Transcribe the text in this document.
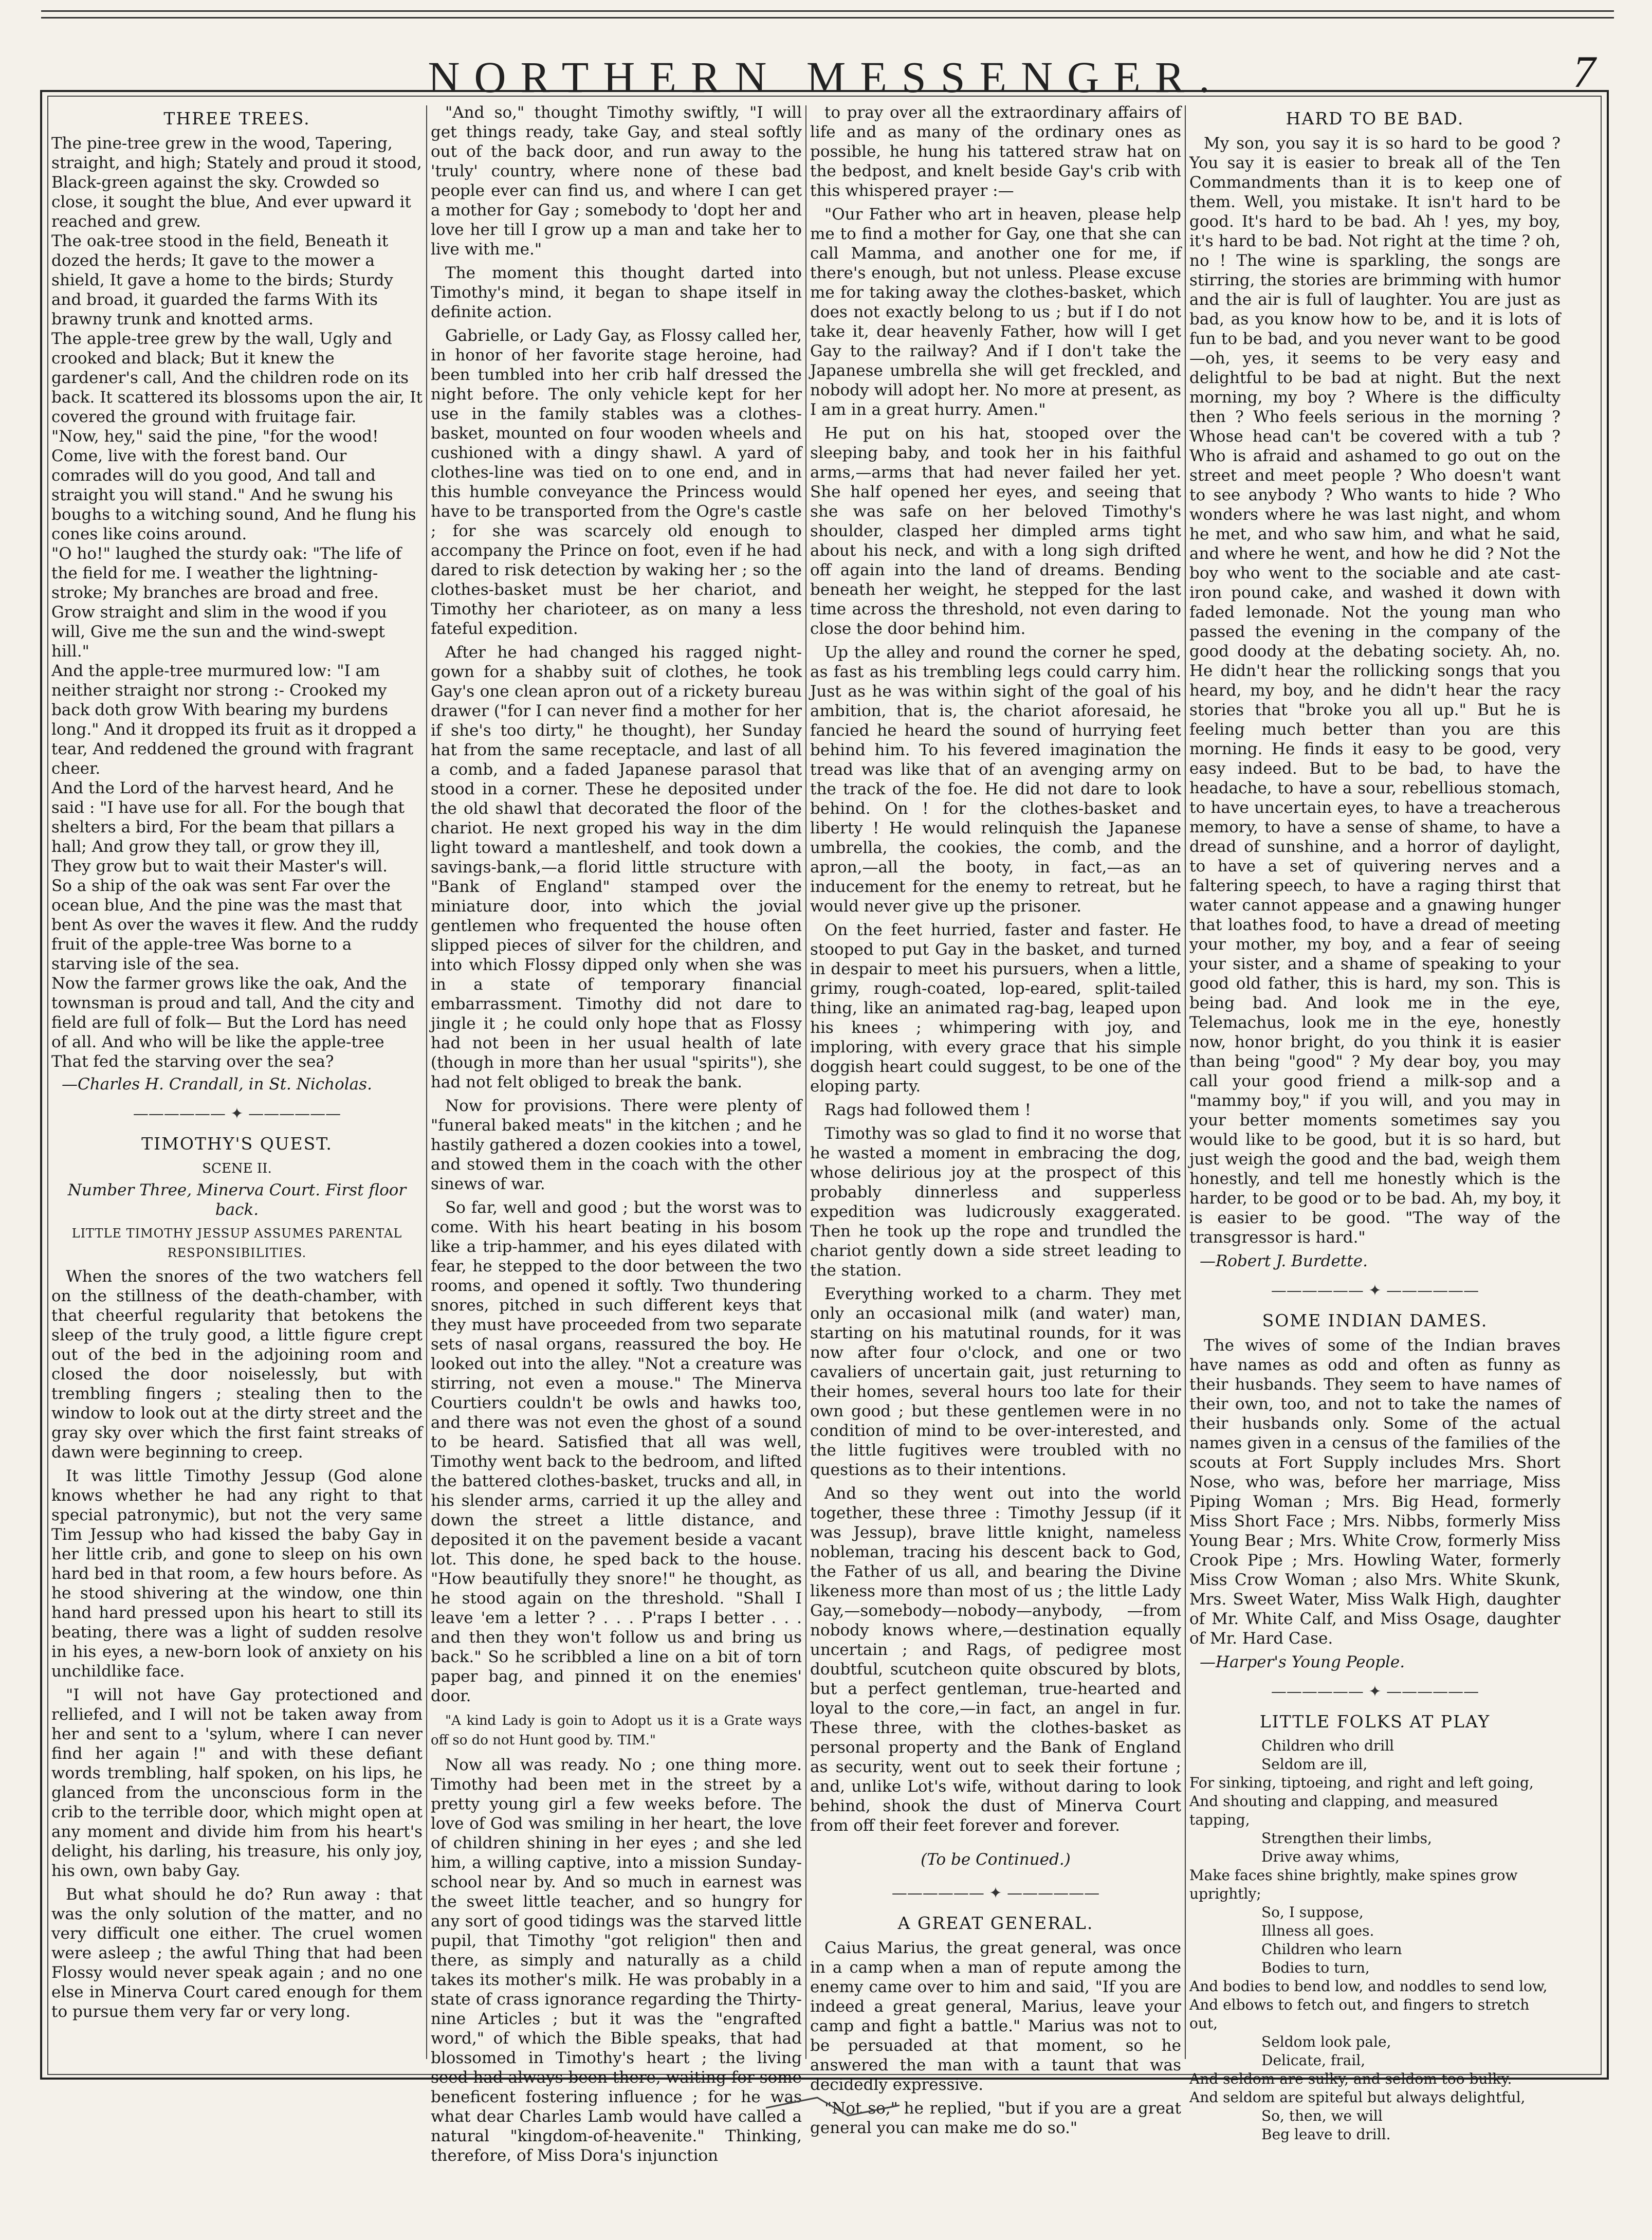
NORTHERN MESSENGER.	7
THREE TREES.

The pine-tree grew in the wood, Tapering, straight, and high; Stately and proud it stood, Black-green against the sky. Crowded so close, it sought the blue, And ever upward it reached and grew.

The oak-tree stood in the field, Beneath it dozed the herds; It gave to the mower a shield, It gave a home to the birds; Sturdy and broad, it guarded the farms With its brawny trunk and knotted arms.

The apple-tree grew by the wall, Ugly and crooked and black; But it knew the gardener's call, And the children rode on its back. It scattered its blossoms upon the air, It covered the ground with fruitage fair.

"Now, hey," said the pine, "for the wood! Come, live with the forest band. Our comrades will do you good, And tall and straight you will stand." And he swung his boughs to a witching sound, And he flung his cones like coins around.

"O ho!" laughed the sturdy oak: "The life of the field for me. I weather the lightning-stroke; My branches are broad and free. Grow straight and slim in the wood if you will, Give me the sun and the wind-swept hill."

And the apple-tree murmured low: "I am neither straight nor strong :- Crooked my back doth grow With bearing my burdens long." And it dropped its fruit as it dropped a tear, And reddened the ground with fragrant cheer.

And the Lord of the harvest heard, And he said : "I have use for all. For the bough that shelters a bird, For the beam that pillars a hall; And grow they tall, or grow they ill, They grow but to wait their Master's will.

So a ship of the oak was sent Far over the ocean blue, And the pine was the mast that bent As over the waves it flew. And the ruddy fruit of the apple-tree Was borne to a starving isle of the sea.

Now the farmer grows like the oak, And the townsman is proud and tall, And the city and field are full of folk— But the Lord has need of all. And who will be like the apple-tree That fed the starving over the sea?

—Charles H. Crandall, in St. Nicholas.
—————— ✦ ——————
TIMOTHY'S QUEST.
SCENE II.
Number Three, Minerva Court. First floor back.
LITTLE TIMOTHY JESSUP ASSUMES PARENTAL RESPONSIBILITIES.

When the snores of the two watchers fell on the stillness of the death-chamber, with that cheerful regularity that betokens the sleep of the truly good, a little figure crept out of the bed in the adjoining room and closed the door noiselessly, but with trembling fingers ; stealing then to the window to look out at the dirty street and the gray sky over which the first faint streaks of dawn were beginning to creep.

It was little Timothy Jessup (God alone knows whether he had any right to that special patronymic), but not the very same Tim Jessup who had kissed the baby Gay in her little crib, and gone to sleep on his own hard bed in that room, a few hours before. As he stood shivering at the window, one thin hand hard pressed upon his heart to still its beating, there was a light of sudden resolve in his eyes, a new-born look of anxiety on his unchildlike face.

"I will not have Gay protectioned and relliefed, and I will not be taken away from her and sent to a 'sylum, where I can never find her again !" and with these defiant words trembling, half spoken, on his lips, he glanced from the unconscious form in the crib to the terrible door, which might open at any moment and divide him from his heart's delight, his darling, his treasure, his only joy, his own, own baby Gay.

But what should he do? Run away : that was the only solution of the matter, and no very difficult one either. The cruel women were asleep ; the awful Thing that had been Flossy would never speak again ; and no one else in Minerva Court cared enough for them to pursue them very far or very long.

"And so," thought Timothy swiftly, "I will get things ready, take Gay, and steal softly out of the back door, and run away to the 'truly' country, where none of these bad people ever can find us, and where I can get a mother for Gay ; somebody to 'dopt her and love her till I grow up a man and take her to live with me."

The moment this thought darted into Timothy's mind, it began to shape itself in definite action.

Gabrielle, or Lady Gay, as Flossy called her, in honor of her favorite stage heroine, had been tumbled into her crib half dressed the night before. The only vehicle kept for her use in the family stables was a clothes-basket, mounted on four wooden wheels and cushioned with a dingy shawl. A yard of clothes-line was tied on to one end, and in this humble conveyance the Princess would have to be transported from the Ogre's castle ; for she was scarcely old enough to accompany the Prince on foot, even if he had dared to risk detection by waking her ; so the clothes-basket must be her chariot, and Timothy her charioteer, as on many a less fateful expedition.

After he had changed his ragged night-gown for a shabby suit of clothes, he took Gay's one clean apron out of a rickety bureau drawer ("for I can never find a mother for her if she's too dirty," he thought), her Sunday hat from the same receptacle, and last of all a comb, and a faded Japanese parasol that stood in a corner. These he deposited under the old shawl that decorated the floor of the chariot. He next groped his way in the dim light toward a mantleshelf, and took down a savings-bank,—a florid little structure with "Bank of England" stamped over the miniature door, into which the jovial gentlemen who frequented the house often slipped pieces of silver for the children, and into which Flossy dipped only when she was in a state of temporary financial embarrassment. Timothy did not dare to jingle it ; he could only hope that as Flossy had not been in her usual health of late (though in more than her usual "spirits"), she had not felt obliged to break the bank.

Now for provisions. There were plenty of "funeral baked meats" in the kitchen ; and he hastily gathered a dozen cookies into a towel, and stowed them in the coach with the other sinews of war.

So far, well and good ; but the worst was to come. With his heart beating in his bosom like a trip-hammer, and his eyes dilated with fear, he stepped to the door between the two rooms, and opened it softly. Two thundering snores, pitched in such different keys that they must have proceeded from two separate sets of nasal organs, reassured the boy. He looked out into the alley. "Not a creature was stirring, not even a mouse." The Minerva Courtiers couldn't be owls and hawks too, and there was not even the ghost of a sound to be heard. Satisfied that all was well, Timothy went back to the bedroom, and lifted the battered clothes-basket, trucks and all, in his slender arms, carried it up the alley and down the street a little distance, and deposited it on the pavement beside a vacant lot. This done, he sped back to the house. "How beautifully they snore!" he thought, as he stood again on the threshold. "Shall I leave 'em a letter ? . . . P'raps I better . . . and then they won't follow us and bring us back." So he scribbled a line on a bit of torn paper bag, and pinned it on the enemies' door.

"A kind Lady is goin to Adopt us it is a Grate ways off so do not Hunt good by. TIM."

Now all was ready. No ; one thing more. Timothy had been met in the street by a pretty young girl a few weeks before. The love of God was smiling in her heart, the love of children shining in her eyes ; and she led him, a willing captive, into a mission Sunday-school near by. And so much in earnest was the sweet little teacher, and so hungry for any sort of good tidings was the starved little pupil, that Timothy "got religion" then and there, as simply and naturally as a child takes its mother's milk. He was probably in a state of crass ignorance regarding the Thirty-nine Articles ; but it was the "engrafted word," of which the Bible speaks, that had blossomed in Timothy's heart ; the living seed had always been there, waiting for some beneficent fostering influence ; for he was what dear Charles Lamb would have called a natural "kingdom-of-heavenite." Thinking, therefore, of Miss Dora's injunction

to pray over all the extraordinary affairs of life and as many of the ordinary ones as possible, he hung his tattered straw hat on the bedpost, and knelt beside Gay's crib with this whispered prayer :—

"Our Father who art in heaven, please help me to find a mother for Gay, one that she can call Mamma, and another one for me, if there's enough, but not unless. Please excuse me for taking away the clothes-basket, which does not exactly belong to us ; but if I do not take it, dear heavenly Father, how will I get Gay to the railway? And if I don't take the Japanese umbrella she will get freckled, and nobody will adopt her. No more at present, as I am in a great hurry. Amen."

He put on his hat, stooped over the sleeping baby, and took her in his faithful arms,—arms that had never failed her yet. She half opened her eyes, and seeing that she was safe on her beloved Timothy's shoulder, clasped her dimpled arms tight about his neck, and with a long sigh drifted off again into the land of dreams. Bending beneath her weight, he stepped for the last time across the threshold, not even daring to close the door behind him.

Up the alley and round the corner he sped, as fast as his trembling legs could carry him. Just as he was within sight of the goal of his ambition, that is, the chariot aforesaid, he fancied he heard the sound of hurrying feet behind him. To his fevered imagination the tread was like that of an avenging army on the track of the foe. He did not dare to look behind. On ! for the clothes-basket and liberty ! He would relinquish the Japanese umbrella, the cookies, the comb, and the apron,—all the booty, in fact,—as an inducement for the enemy to retreat, but he would never give up the prisoner.

On the feet hurried, faster and faster. He stooped to put Gay in the basket, and turned in despair to meet his pursuers, when a little, grimy, rough-coated, lop-eared, split-tailed thing, like an animated rag-bag, leaped upon his knees ; whimpering with joy, and imploring, with every grace that his simple doggish heart could suggest, to be one of the eloping party.

Rags had followed them !

Timothy was so glad to find it no worse that he wasted a moment in embracing the dog, whose delirious joy at the prospect of this probably dinnerless and supperless expedition was ludicrously exaggerated. Then he took up the rope and trundled the chariot gently down a side street leading to the station.

Everything worked to a charm. They met only an occasional milk (and water) man, starting on his matutinal rounds, for it was now after four o'clock, and one or two cavaliers of uncertain gait, just returning to their homes, several hours too late for their own good ; but these gentlemen were in no condition of mind to be over-interested, and the little fugitives were troubled with no questions as to their intentions.

And so they went out into the world together, these three : Timothy Jessup (if it was Jessup), brave little knight, nameless nobleman, tracing his descent back to God, the Father of us all, and bearing the Divine likeness more than most of us ; the little Lady Gay,—somebody—nobody—anybody, —from nobody knows where,—destination equally uncertain ; and Rags, of pedigree most doubtful, scutcheon quite obscured by blots, but a perfect gentleman, true-hearted and loyal to the core,—in fact, an angel in fur. These three, with the clothes-basket as personal property and the Bank of England as security, went out to seek their fortune ; and, unlike Lot's wife, without daring to look behind, shook the dust of Minerva Court from off their feet forever and forever.

(To be Continued.)
—————— ✦ ——————
A GREAT GENERAL.

Caius Marius, the great general, was once in a camp when a man of repute among the enemy came over to him and said, "If you are indeed a great general, Marius, leave your camp and fight a battle." Marius was not to be persuaded at that moment, so he answered the man with a taunt that was decidedly expressive.

"Not so," he replied, "but if you are a great general you can make me do so."

HARD TO BE BAD.

My son, you say it is so hard to be good ? You say it is easier to break all of the Ten Commandments than it is to keep one of them. Well, you mistake. It isn't hard to be good. It's hard to be bad. Ah ! yes, my boy, it's hard to be bad. Not right at the time ? oh, no ! The wine is sparkling, the songs are stirring, the stories are brimming with humor and the air is full of laughter. You are just as bad, as you know how to be, and it is lots of fun to be bad, and you never want to be good—oh, yes, it seems to be very easy and delightful to be bad at night. But the next morning, my boy ? Where is the difficulty then ? Who feels serious in the morning ? Whose head can't be covered with a tub ? Who is afraid and ashamed to go out on the street and meet people ? Who doesn't want to see anybody ? Who wants to hide ? Who wonders where he was last night, and whom he met, and who saw him, and what he said, and where he went, and how he did ? Not the boy who went to the sociable and ate cast-iron pound cake, and washed it down with faded lemonade. Not the young man who passed the evening in the company of the good doody at the debating society. Ah, no. He didn't hear the rollicking songs that you heard, my boy, and he didn't hear the racy stories that "broke you all up." But he is feeling much better than you are this morning. He finds it easy to be good, very easy indeed. But to be bad, to have the headache, to have a sour, rebellious stomach, to have uncertain eyes, to have a treacherous memory, to have a sense of shame, to have a dread of sunshine, and a horror of daylight, to have a set of quivering nerves and a faltering speech, to have a raging thirst that water cannot appease and a gnawing hunger that loathes food, to have a dread of meeting your mother, my boy, and a fear of seeing your sister, and a shame of speaking to your good old father, this is hard, my son. This is being bad. And look me in the eye, Telemachus, look me in the eye, honestly now, honor bright, do you think it is easier than being "good" ? My dear boy, you may call your good friend a milk-sop and a "mammy boy," if you will, and you may in your better moments sometimes say you would like to be good, but it is so hard, but just weigh the good and the bad, weigh them honestly, and tell me honestly which is the harder, to be good or to be bad. Ah, my boy, it is easier to be good. "The way of the transgressor is hard."

—Robert J. Burdette.
—————— ✦ ——————
SOME INDIAN DAMES.

The wives of some of the Indian braves have names as odd and often as funny as their husbands. They seem to have names of their own, too, and not to take the names of their husbands only. Some of the actual names given in a census of the families of the scouts at Fort Supply includes Mrs. Short Nose, who was, before her marriage, Miss Piping Woman ; Mrs. Big Head, formerly Miss Short Face ; Mrs. Nibbs, formerly Miss Young Bear ; Mrs. White Crow, formerly Miss Crook Pipe ; Mrs. Howling Water, formerly Miss Crow Woman ; also Mrs. White Skunk, Mrs. Sweet Water, Miss Walk High, daughter of Mr. White Calf, and Miss Osage, daughter of Mr. Hard Case.

—Harper's Young People.
—————— ✦ ——————
LITTLE FOLKS AT PLAY

Children who drill

Seldom are ill,

For sinking, tiptoeing, and right and left going,

And shouting and clapping, and measured tapping,

Strengthen their limbs,

Drive away whims,

Make faces shine brightly, make spines grow uprightly;

So, I suppose,

Illness all goes.

Children who learn

Bodies to turn,

And bodies to bend low, and noddles to send low,

And elbows to fetch out, and fingers to stretch out,

Seldom look pale,

Delicate, frail,

And seldom are sulky, and seldom too bulky.

And seldom are spiteful but always delightful,

So, then, we will

Beg leave to drill.
